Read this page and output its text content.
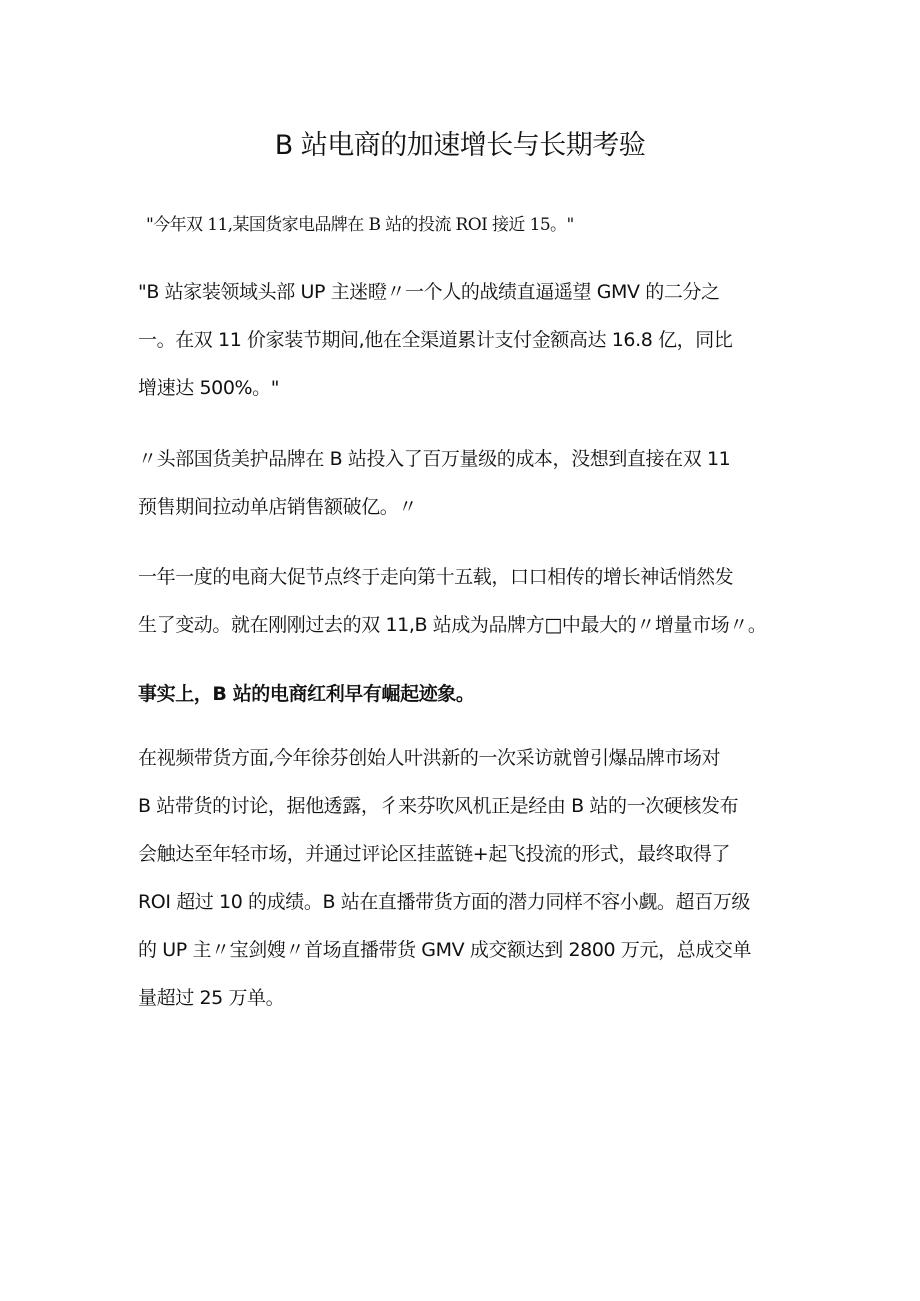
B 站电商的加速增长与长期考验
"今年双 11,某国货家电品牌在 B 站的投流 ROI 接近 15。"
"B 站家装领域头部 UP 主迷瞪〃一个人的战绩直逼遥望 GMV 的二分之
一。在双 11 价家装节期间,他在全渠道累计支付金额高达 16.8 亿，同比
增速达 500%。"
〃头部国货美护品牌在 B 站投入了百万量级的成本，没想到直接在双 11
预售期间拉动单店销售额破亿。〃
一年一度的电商大促节点终于走向第十五载，口口相传的增长神话悄然发
生了变动。就在刚刚过去的双 11,B 站成为品牌方□中最大的〃增量市场〃。
事实上，B 站的电商红利早有崛起迹象。
在视频带货方面,今年徐芬创始人叶洪新的一次采访就曾引爆品牌市场对
B 站带货的讨论，据他透露，彳来芬吹风机正是经由 B 站的一次硬核发布
会触达至年轻市场，并通过评论区挂蓝链+起飞投流的形式，最终取得了
ROI 超过 10 的成绩。B 站在直播带货方面的潜力同样不容小觑。超百万级
的 UP 主〃宝剑嫂〃首场直播带货 GMV 成交额达到 2800 万元，总成交单
量超过 25 万单。
